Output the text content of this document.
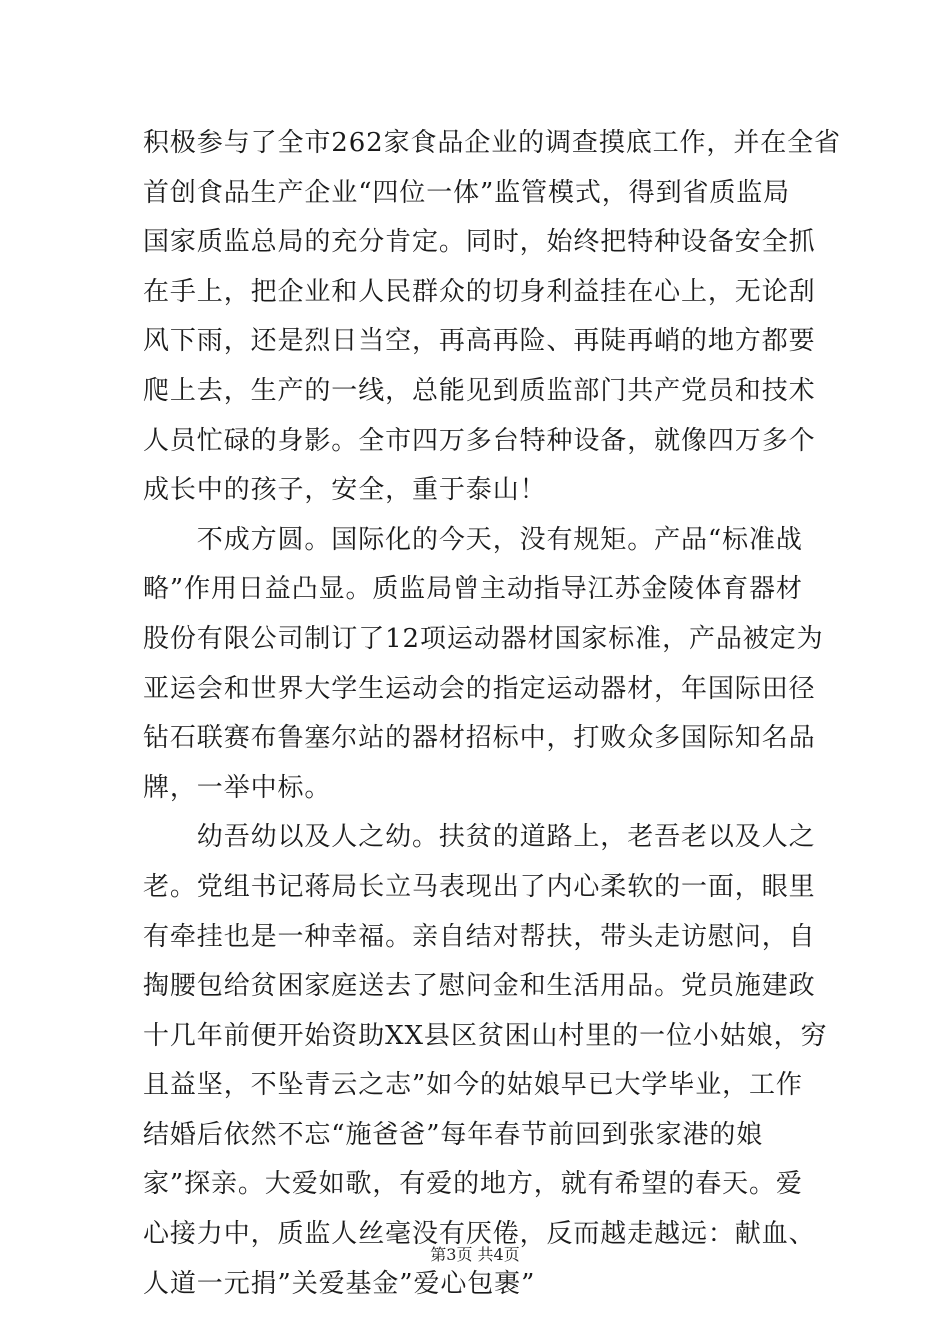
积极参与了全市262家食品企业的调查摸底工作，并在全省
首创食品生产企业“四位一体”监管模式，得到省质监局
国家质监总局的充分肯定。同时，始终把特种设备安全抓
在手上，把企业和人民群众的切身利益挂在心上，无论刮
风下雨，还是烈日当空，再高再险、再陡再峭的地方都要
爬上去，生产的一线，总能见到质监部门共产党员和技术
人员忙碌的身影。全市四万多台特种设备，就像四万多个
成长中的孩子，安全，重于泰山！
　　不成方圆。国际化的今天，没有规矩。产品“标准战
略”作用日益凸显。质监局曾主动指导江苏金陵体育器材
股份有限公司制订了12项运动器材国家标准，产品被定为
亚运会和世界大学生运动会的指定运动器材，年国际田径
钻石联赛布鲁塞尔站的器材招标中，打败众多国际知名品
牌，一举中标。
　　幼吾幼以及人之幼。扶贫的道路上，老吾老以及人之
老。党组书记蒋局长立马表现出了内心柔软的一面，眼里
有牵挂也是一种幸福。亲自结对帮扶，带头走访慰问，自
掏腰包给贫困家庭送去了慰问金和生活用品。党员施建政
十几年前便开始资助XX县区贫困山村里的一位小姑娘，穷
且益坚，不坠青云之志”如今的姑娘早已大学毕业，工作
结婚后依然不忘“施爸爸”每年春节前回到张家港的娘
家”探亲。大爱如歌，有爱的地方，就有希望的春天。爱
心接力中，质监人丝毫没有厌倦，反而越走越远：献血、
人道一元捐”关爱基金”爱心包裹”
第3页 共4页
